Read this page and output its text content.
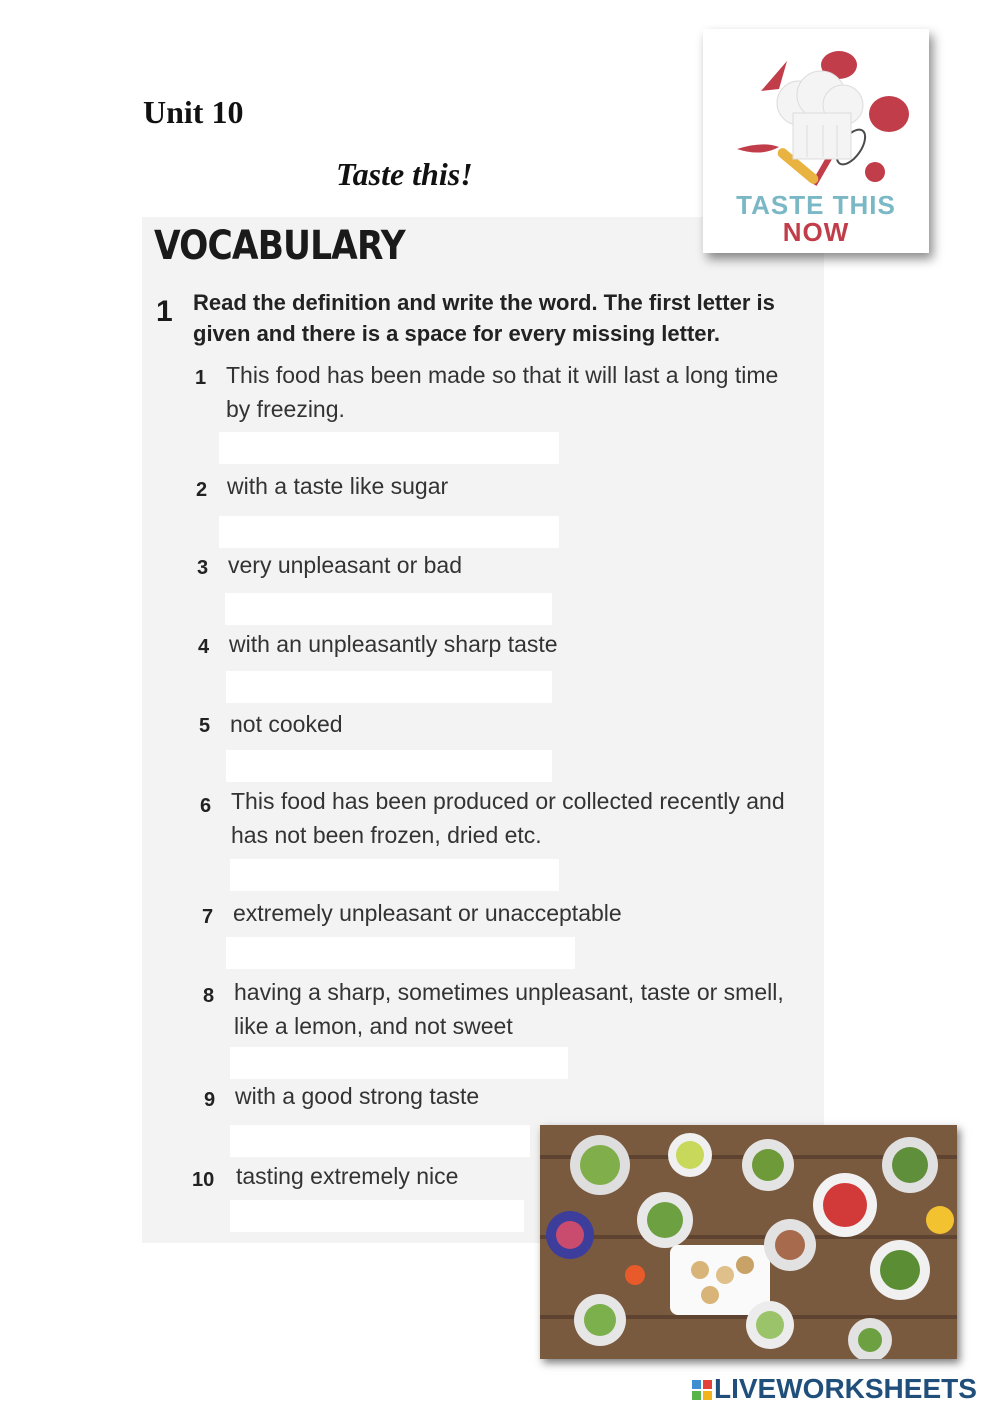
Unit 10
Taste this!
VOCABULARY
1 Read the definition and write the word. The first letter is given and there is a space for every missing letter.
1 This food has been made so that it will last a long time by freezing.
2 with a taste like sugar
3 very unpleasant or bad
4 with an unpleasantly sharp taste
5 not cooked
6 This food has been produced or collected recently and has not been frozen, dried etc.
7 extremely unpleasant or unacceptable
8 having a sharp, sometimes unpleasant, taste or smell, like a lemon, and not sweet
9 with a good strong taste
10 tasting extremely nice
TASTE THIS
NOW
LIVEWORKSHEETS
